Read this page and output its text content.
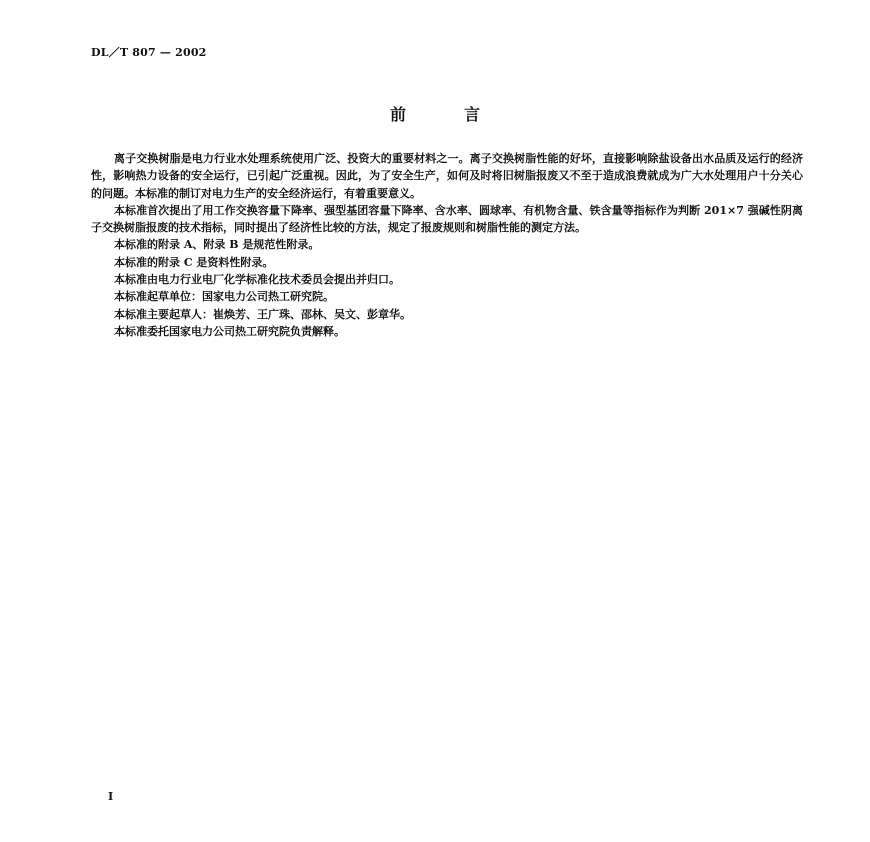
DL／T 807 — 2002
前言

离子交换树脂是电力行业水处理系统使用广泛、投资大的重要材料之一。离子交换树脂性能的好坏，直接影响除盐设备出水品质及运行的经济性，影响热力设备的安全运行，已引起广泛重视。因此，为了安全生产，如何及时将旧树脂报废又不至于造成浪费就成为广大水处理用户十分关心的问题。本标准的制订对电力生产的安全经济运行，有着重要意义。

本标准首次提出了用工作交换容量下降率、强型基团容量下降率、含水率、圆球率、有机物含量、铁含量等指标作为判断 201×7 强碱性阴离子交换树脂报废的技术指标，同时提出了经济性比较的方法，规定了报废规则和树脂性能的测定方法。

本标准的附录 A、附录 B 是规范性附录。

本标准的附录 C 是资料性附录。

本标准由电力行业电厂化学标准化技术委员会提出并归口。

本标准起草单位：国家电力公司热工研究院。

本标准主要起草人：崔焕芳、王广珠、邵林、吴文、彭章华。

本标准委托国家电力公司热工研究院负责解释。

I
